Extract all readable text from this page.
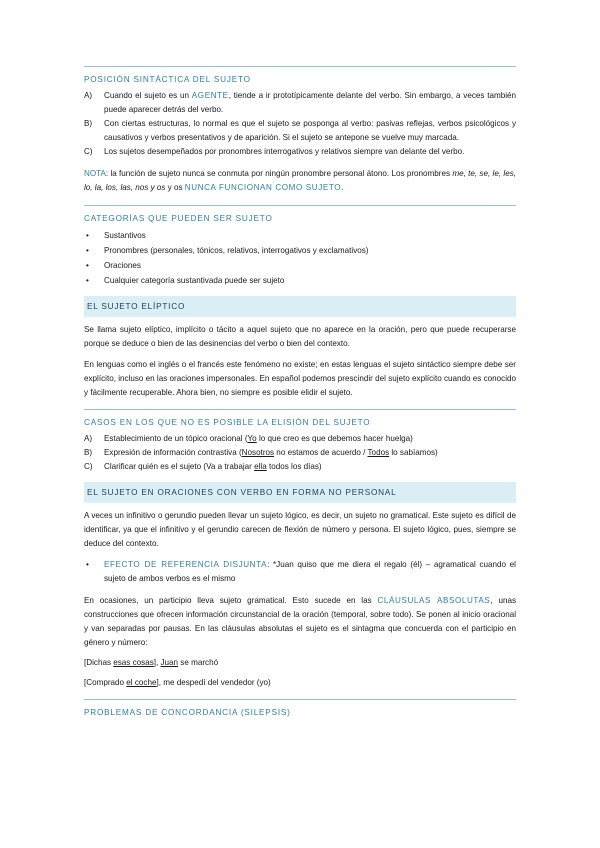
POSICIÓN SINTÁCTICA DEL SUJETO
A)	Cuando el sujeto es un AGENTE, tiende a ir prototípicamente delante del verbo. Sin embargo, a veces también puede aparecer detrás del verbo.
B)	Con ciertas estructuras, lo normal es que el sujeto se posponga al verbo: pasivas reflejas, verbos psicológicos y causativos y verbos presentativos y de aparición. Si el sujeto se antepone se vuelve muy marcada.
C)	Los sujetos desempeñados por pronombres interrogativos y relativos siempre van delante del verbo.

NOTA: la función de sujeto nunca se conmuta por ningún pronombre personal átono. Los pronombres me, te, se, le, les, lo, la, los, las, nos y os y os NUNCA FUNCIONAN COMO SUJETO.

CATEGORÍAS QUE PUEDEN SER SUJETO
•	Sustantivos
•	Pronombres (personales, tónicos, relativos, interrogativos y exclamativos)
•	Oraciones
•	Cualquier categoría sustantivada puede ser sujeto
EL SUJETO ELÍPTICO

Se llama sujeto elíptico, implícito o tácito a aquel sujeto que no aparece en la oración, pero que puede recuperarse porque se deduce o bien de las desinencias del verbo o bien del contexto.

En lenguas como el inglés o el francés este fenómeno no existe; en estas lenguas el sujeto sintáctico siempre debe ser explícito, incluso en las oraciones impersonales. En español podemos prescindir del sujeto explícito cuando es conocido y fácilmente recuperable. Ahora bien, no siempre es posible elidir el sujeto.

CASOS EN LOS QUE NO ES POSIBLE LA ELISIÓN DEL SUJETO
A)	Establecimiento de un tópico oracional (Yo lo que creo es que debemos hacer huelga)
B)	Expresión de información contrastiva (Nosotros no estamos de acuerdo / Todos lo sabíamos)
C)	Clarificar quién es el sujeto (Va a trabajar ella todos los días)
EL SUJETO EN ORACIONES CON VERBO EN FORMA NO PERSONAL

A veces un infinitivo o gerundio pueden llevar un sujeto lógico, es decir, un sujeto no gramatical. Este sujeto es difícil de identificar, ya que el infinitivo y el gerundio carecen de flexión de número y persona. El sujeto lógico, pues, siempre se deduce del contexto.

•	EFECTO DE REFERENCIA DISJUNTA: *Juan quiso que me diera el regalo (él) – agramatical cuando el sujeto de ambos verbos es el mismo

En ocasiones, un participio lleva sujeto gramatical. Esto sucede en las CLÁUSULAS ABSOLUTAS, unas construcciones que ofrecen información circunstancial de la oración (temporal, sobre todo). Se ponen al inicio oracional y van separadas por pausas. En las cláusulas absolutas el sujeto es el sintagma que concuerda con el participio en género y número:

[Dichas esas cosas], Juan se marchó

[Comprado el coche], me despedí del vendedor (yo)

PROBLEMAS DE CONCORDANCIA (SILEPSIS)
